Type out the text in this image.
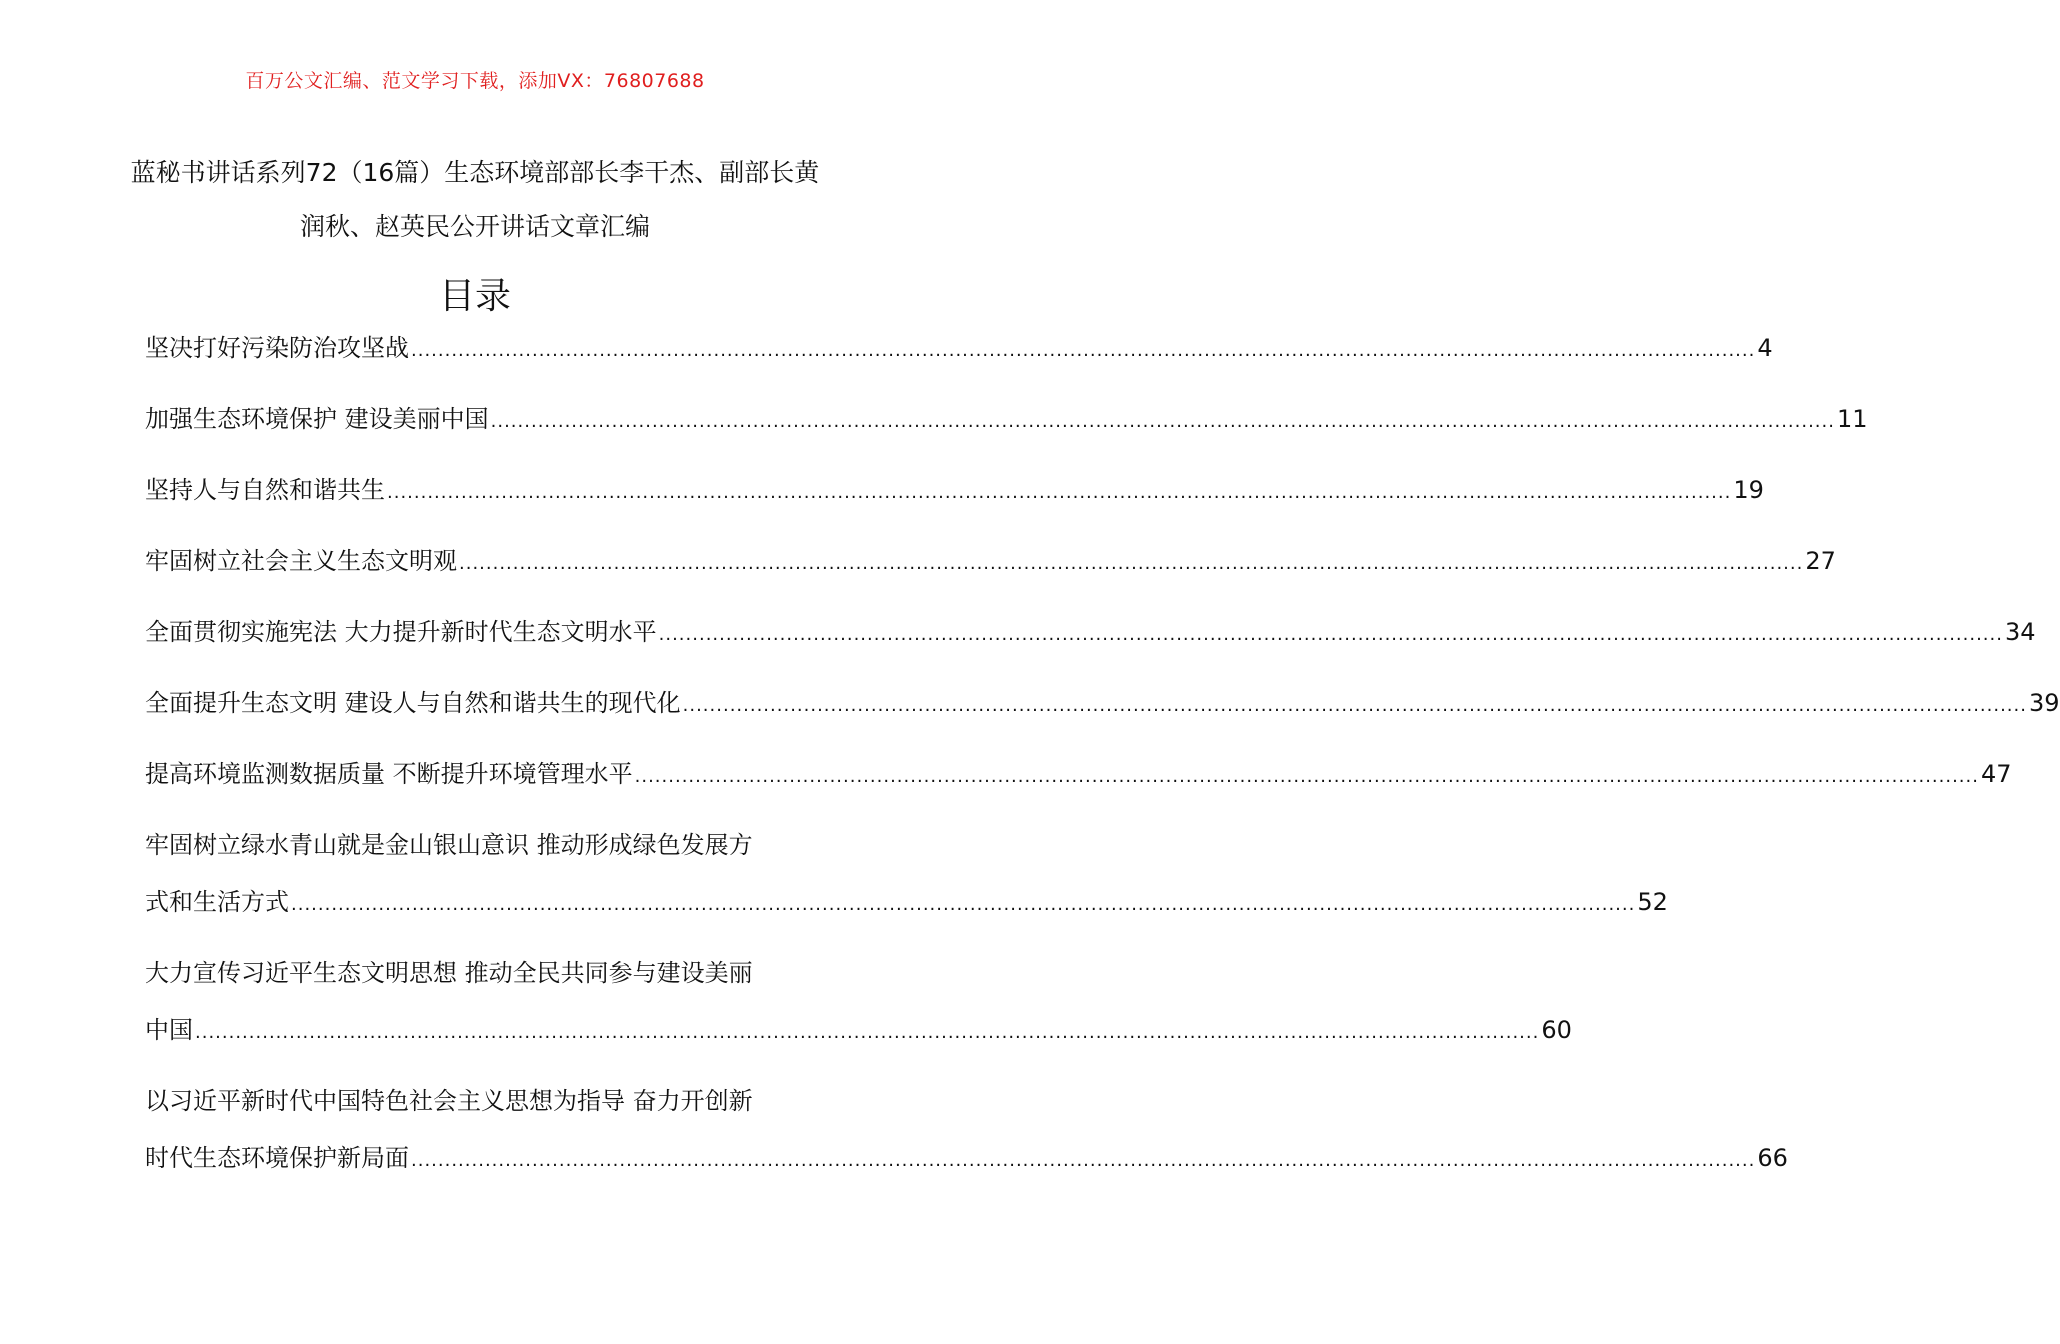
百万公文汇编、范文学习下载，添加VX：76807688
蓝秘书讲话系列72（16篇）生态环境部部长李干杰、副部长黄润秋、赵英民公开讲话文章汇编
目录
坚决打好污染防治攻坚战 ........................................................................................................................................................................................................ 4
加强生态环境保护 建设美丽中国 ........................................................................................................................................................................................................ 11
坚持人与自然和谐共生 ........................................................................................................................................................................................................ 19
牢固树立社会主义生态文明观 ........................................................................................................................................................................................................ 27
全面贯彻实施宪法 大力提升新时代生态文明水平 ........................................................................................................................................................................................................ 34
全面提升生态文明 建设人与自然和谐共生的现代化 ........................................................................................................................................................................................................ 39
提高环境监测数据质量 不断提升环境管理水平 ........................................................................................................................................................................................................ 47
牢固树立绿水青山就是金山银山意识 推动形成绿色发展方
式和生活方式 ........................................................................................................................................................................................................ 52
大力宣传习近平生态文明思想 推动全民共同参与建设美丽
中国 ........................................................................................................................................................................................................ 60
以习近平新时代中国特色社会主义思想为指导 奋力开创新
时代生态环境保护新局面 ........................................................................................................................................................................................................ 66
